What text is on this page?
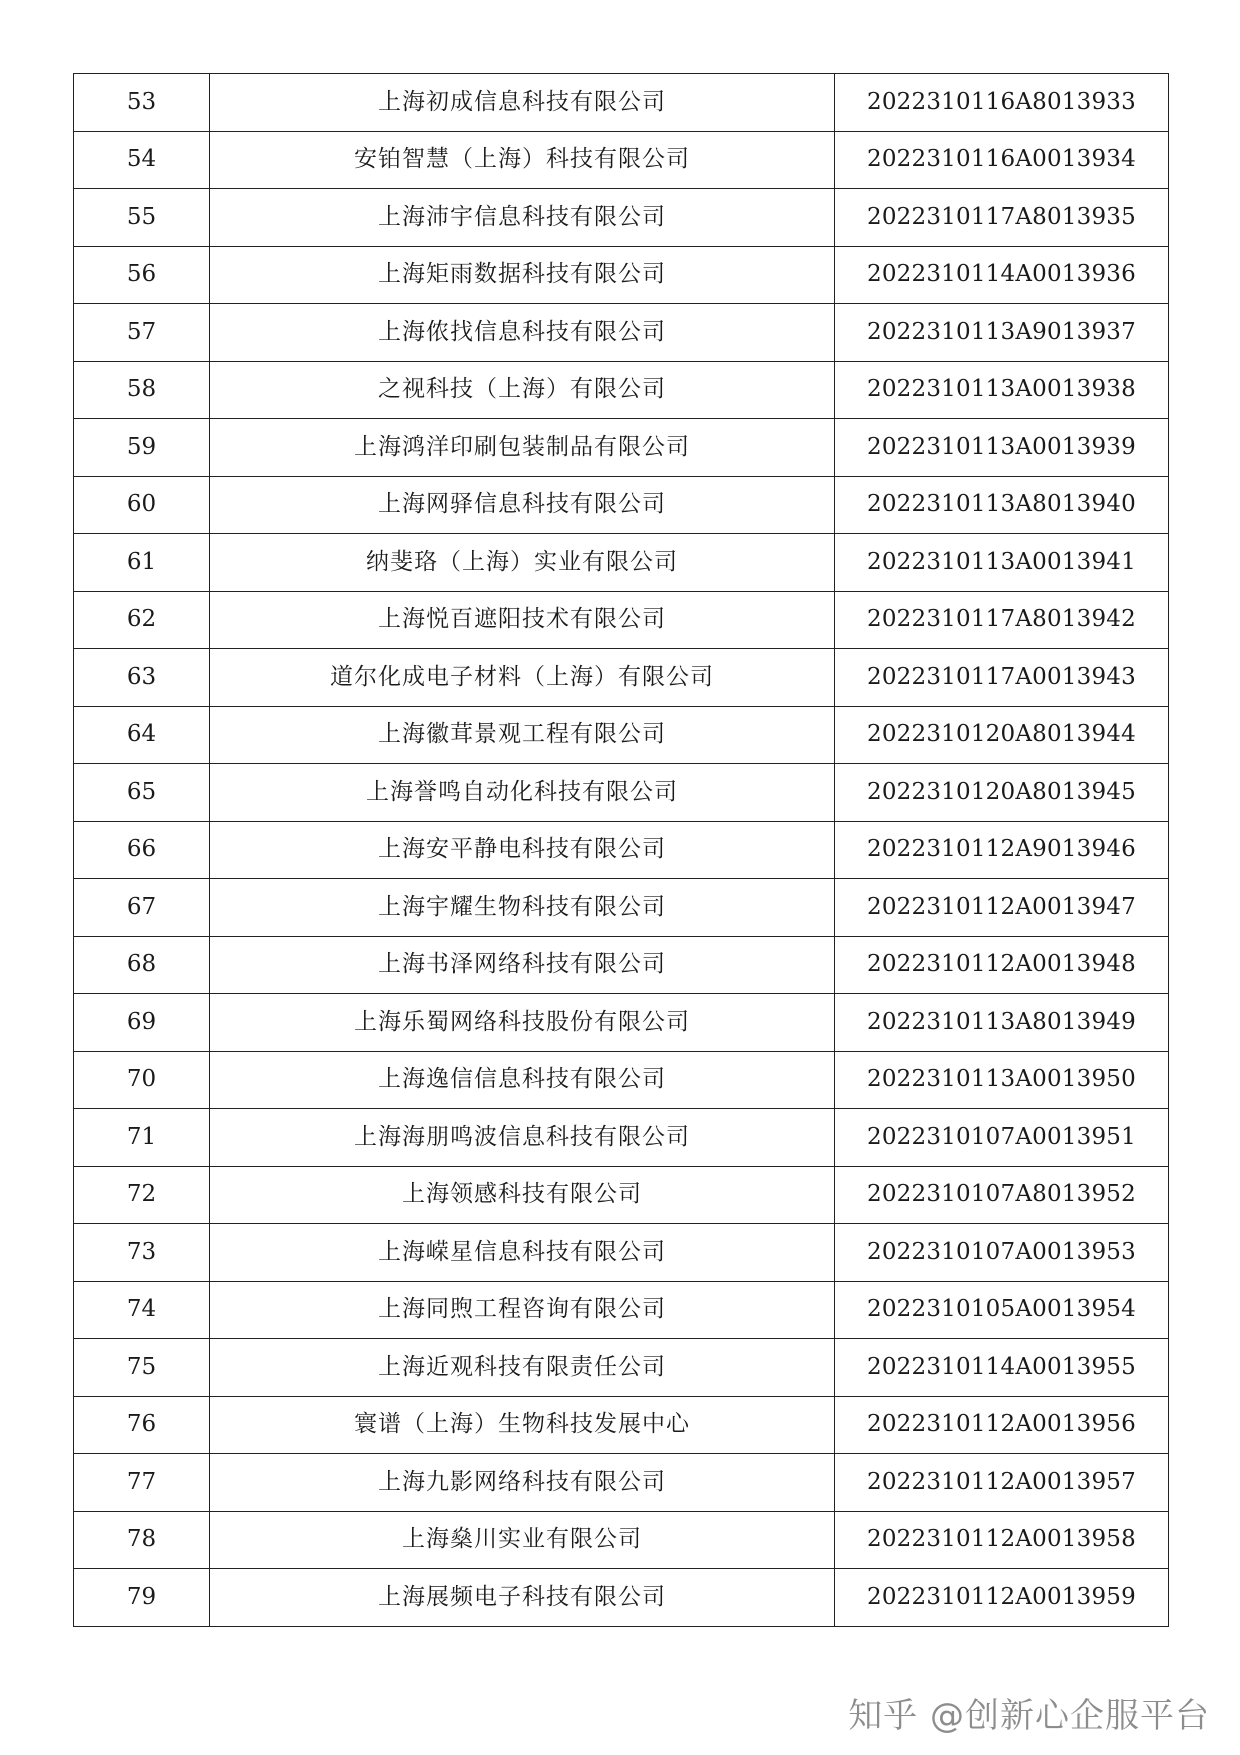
53	上海初成信息科技有限公司	2022310116A8013933
54	安铂智慧（上海）科技有限公司	2022310116A0013934
55	上海沛宇信息科技有限公司	2022310117A8013935
56	上海矩雨数据科技有限公司	2022310114A0013936
57	上海侬找信息科技有限公司	2022310113A9013937
58	之视科技（上海）有限公司	2022310113A0013938
59	上海鸿洋印刷包装制品有限公司	2022310113A0013939
60	上海网驿信息科技有限公司	2022310113A8013940
61	纳斐珞（上海）实业有限公司	2022310113A0013941
62	上海悦百遮阳技术有限公司	2022310117A8013942
63	道尔化成电子材料（上海）有限公司	2022310117A0013943
64	上海徽茸景观工程有限公司	2022310120A8013944
65	上海誉鸣自动化科技有限公司	2022310120A8013945
66	上海安平静电科技有限公司	2022310112A9013946
67	上海宇耀生物科技有限公司	2022310112A0013947
68	上海书泽网络科技有限公司	2022310112A0013948
69	上海乐蜀网络科技股份有限公司	2022310113A8013949
70	上海逸信信息科技有限公司	2022310113A0013950
71	上海海朋鸣波信息科技有限公司	2022310107A0013951
72	上海领感科技有限公司	2022310107A8013952
73	上海嵘星信息科技有限公司	2022310107A0013953
74	上海同煦工程咨询有限公司	2022310105A0013954
75	上海近观科技有限责任公司	2022310114A0013955
76	寰谱（上海）生物科技发展中心	2022310112A0013956
77	上海九影网络科技有限公司	2022310112A0013957
78	上海燊川实业有限公司	2022310112A0013958
79	上海展频电子科技有限公司	2022310112A0013959
知乎 @创新心企服平台
